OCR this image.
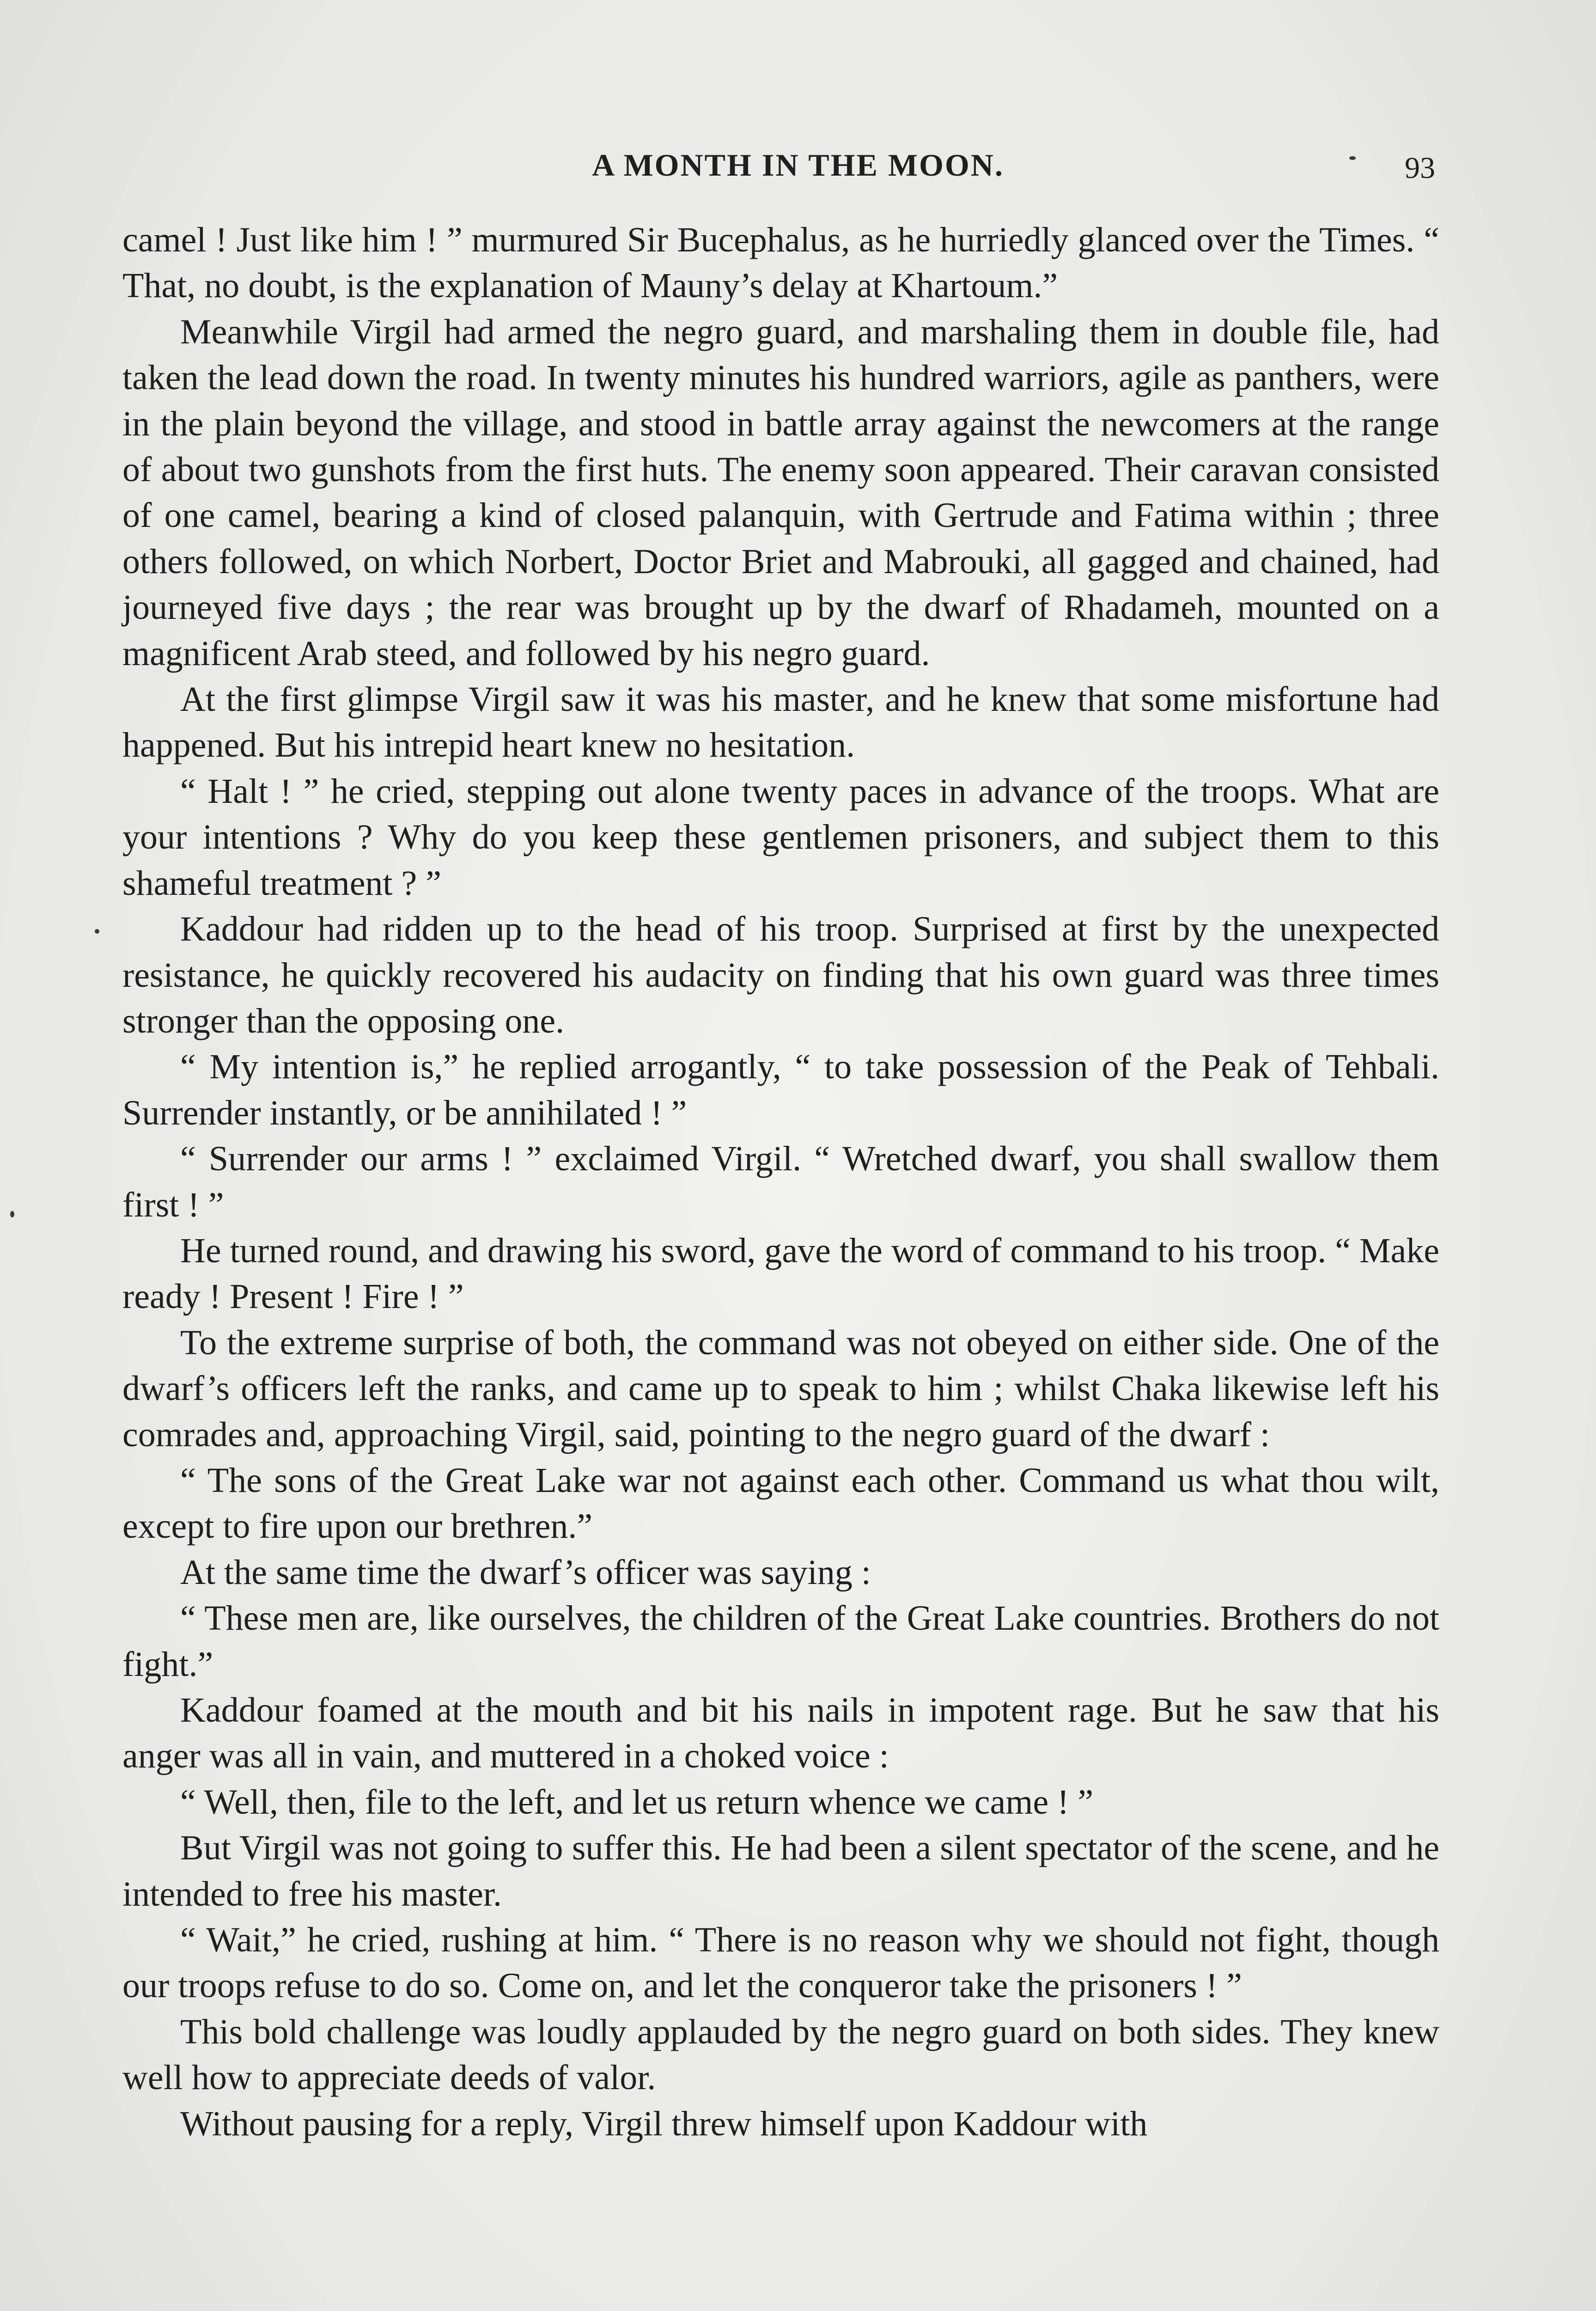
A MONTH IN THE MOON.	93

camel ! Just like him ! ” murmured Sir Bucephalus, as he hurriedly glanced over the Times. “ That, no doubt, is the explanation of Mauny’s delay at Khartoum.”

Meanwhile Virgil had armed the negro guard, and marshaling them in double file, had taken the lead down the road. In twenty minutes his hundred warriors, agile as panthers, were in the plain beyond the village, and stood in battle array against the newcomers at the range of about two gunshots from the first huts. The enemy soon appeared. Their caravan consisted of one camel, bearing a kind of closed palanquin, with Gertrude and Fatima within ; three others followed, on which Norbert, Doctor Briet and Mabrouki, all gagged and chained, had journeyed five days ; the rear was brought up by the dwarf of Rhadameh, mounted on a magnificent Arab steed, and followed by his negro guard.

At the first glimpse Virgil saw it was his master, and he knew that some misfortune had happened. But his intrepid heart knew no hesitation.

“ Halt ! ” he cried, stepping out alone twenty paces in advance of the troops. What are your intentions ? Why do you keep these gentlemen prisoners, and subject them to this shameful treatment ? ”

Kaddour had ridden up to the head of his troop. Surprised at first by the unexpected resistance, he quickly recovered his audacity on finding that his own guard was three times stronger than the opposing one.

“ My intention is,” he replied arrogantly, “ to take possession of the Peak of Tehbali. Surrender instantly, or be annihilated ! ”

“ Surrender our arms ! ” exclaimed Virgil. “ Wretched dwarf, you shall swallow them first ! ”

He turned round, and drawing his sword, gave the word of command to his troop. “ Make ready ! Present ! Fire ! ”

To the extreme surprise of both, the command was not obeyed on either side. One of the dwarf’s officers left the ranks, and came up to speak to him ; whilst Chaka likewise left his comrades and, approaching Virgil, said, pointing to the negro guard of the dwarf :

“ The sons of the Great Lake war not against each other. Command us what thou wilt, except to fire upon our brethren.”

At the same time the dwarf’s officer was saying :

“ These men are, like ourselves, the children of the Great Lake countries. Brothers do not fight.”

Kaddour foamed at the mouth and bit his nails in impotent rage. But he saw that his anger was all in vain, and muttered in a choked voice :

“ Well, then, file to the left, and let us return whence we came ! ”

But Virgil was not going to suffer this. He had been a silent spectator of the scene, and he intended to free his master.

“ Wait,” he cried, rushing at him. “ There is no reason why we should not fight, though our troops refuse to do so. Come on, and let the conqueror take the prisoners ! ”

This bold challenge was loudly applauded by the negro guard on both sides. They knew well how to appreciate deeds of valor.

Without pausing for a reply, Virgil threw himself upon Kaddour with
